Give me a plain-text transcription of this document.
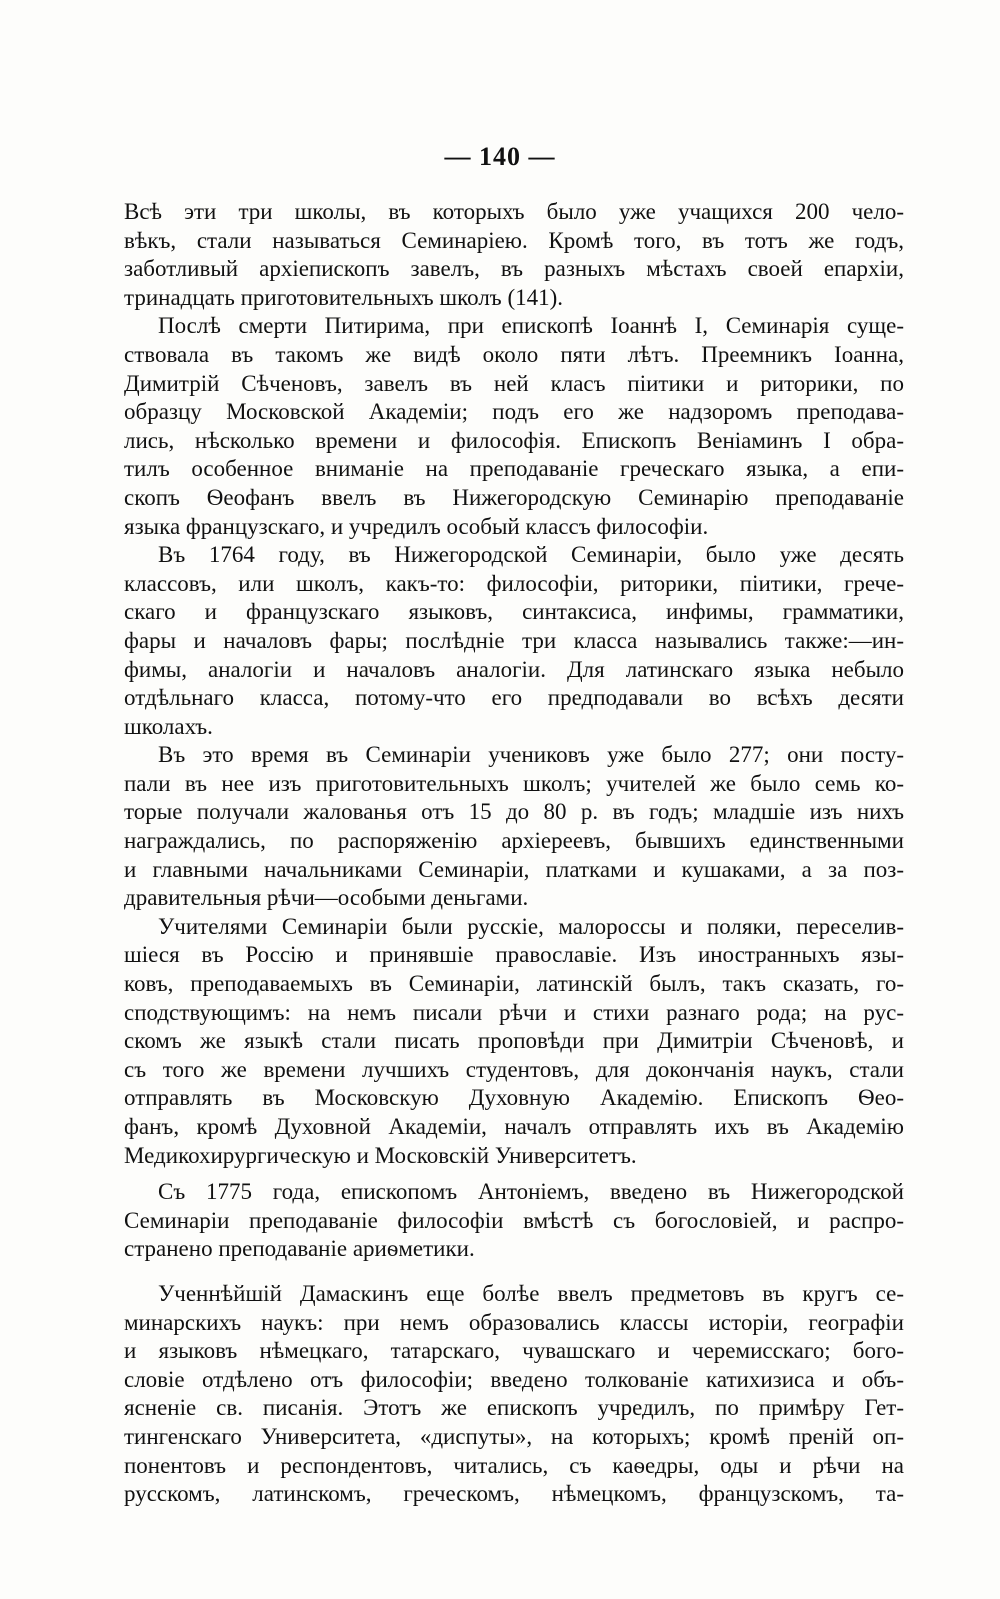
— 140 —
Всѣ эти три школы, въ которыхъ было уже учащихся 200 чело-
вѣкъ, стали называться Семинаріею. Кромѣ того, въ тотъ же годъ,
заботливый архіепископъ завелъ, въ разныхъ мѣстахъ своей епархіи,
тринадцать приготовительныхъ школъ (141).
Послѣ смерти Питирима, при епископѣ Іоаннѣ I, Семинарія суще-
ствовала въ такомъ же видѣ около пяти лѣтъ. Преемникъ Іоанна,
Димитрій Сѣченовъ, завелъ въ ней класъ піитики и риторики, по
образцу Московской Академіи; подъ его же надзоромъ преподава-
лись, нѣсколько времени и философія. Епископъ Веніаминъ I обра-
тилъ особенное вниманіе на преподаваніе греческаго языка, а епи-
скопъ Ѳеофанъ ввелъ въ Нижегородскую Семинарію преподаваніе
языка французскаго, и учредилъ особый классъ философіи.
Въ 1764 году, въ Нижегородской Семинаріи, было уже десять
классовъ, или школъ, какъ-то: философіи, риторики, піитики, грече-
скаго и французскаго языковъ, синтаксиса, инфимы, грамматики,
фары и началовъ фары; послѣдніе три класса назывались также:—ин-
фимы, аналогіи и началовъ аналогіи. Для латинскаго языка небыло
отдѣльнаго класса, потому-что его предподавали во всѣхъ десяти
школахъ.
Въ это время въ Семинаріи учениковъ уже было 277; они посту-
пали въ нее изъ приготовительныхъ школъ; учителей же было семь ко-
торые получали жалованья отъ 15 до 80 р. въ годъ; младшіе изъ нихъ
награждались, по распоряженію архіереевъ, бывшихъ единственными
и главными начальниками Семинаріи, платками и кушаками, а за поз-
дравительныя рѣчи—особыми деньгами.
Учителями Семинаріи были русскіе, малороссы и поляки, переселив-
шіеся въ Россію и принявшіе православіе. Изъ иностранныхъ язы-
ковъ, преподаваемыхъ въ Семинаріи, латинскій былъ, такъ сказать, го-
сподствующимъ: на немъ писали рѣчи и стихи разнаго рода; на рус-
скомъ же языкѣ стали писать проповѣди при Димитріи Сѣченовѣ, и
съ того же времени лучшихъ студентовъ, для докончанія наукъ, стали
отправлять въ Московскую Духовную Академію. Епископъ Ѳео-
фанъ, кромѣ Духовной Академіи, началъ отправлять ихъ въ Академію
Медикохирургическую и Московскій Университетъ.
Съ 1775 года, епископомъ Антоніемъ, введено въ Нижегородской
Семинаріи преподаваніе философіи вмѣстѣ съ богословіей, и распро-
странено преподаваніе ариѳметики.
Ученнѣйшій Дамаскинъ еще болѣе ввелъ предметовъ въ кругъ се-
минарскихъ наукъ: при немъ образовались классы исторіи, географіи
и языковъ нѣмецкаго, татарскаго, чувашскаго и черемисскаго; бого-
словіе отдѣлено отъ философіи; введено толкованіе катихизиса и объ-
ясненіе св. писанія. Этотъ же епископъ учредилъ, по примѣру Гет-
тингенскаго Университета, «диспуты», на которыхъ; кромѣ преній оп-
понентовъ и респондентовъ, читались, съ каѳедры, оды и рѣчи на
русскомъ, латинскомъ, греческомъ, нѣмецкомъ, французскомъ, та-
